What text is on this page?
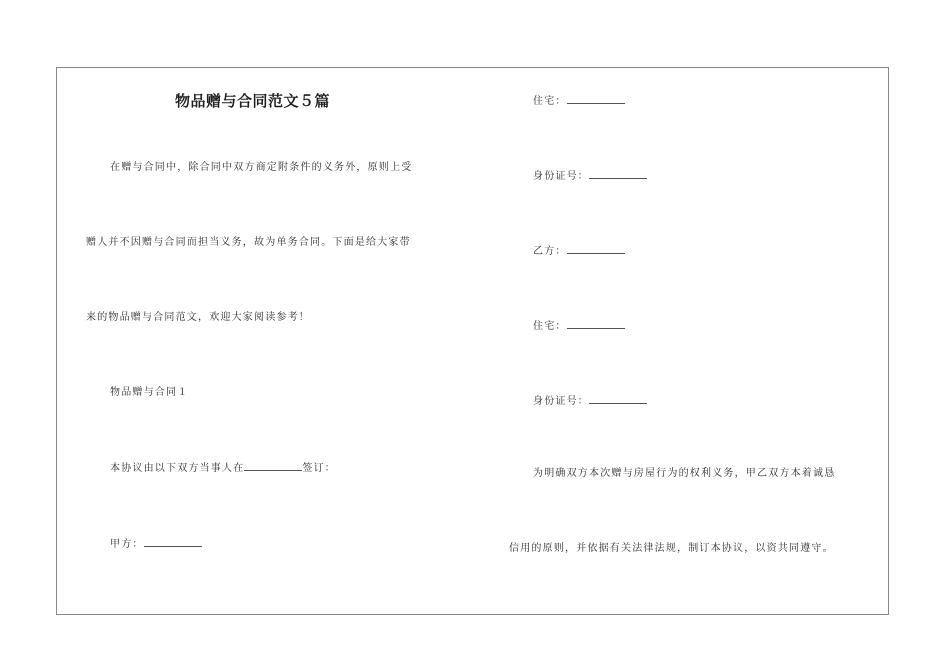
物品赠与合同范文５篇
在赠与合同中，除合同中双方商定附条件的义务外，原则上受
赠人并不因赠与合同而担当义务，故为单务合同。下面是给大家带
来的物品赠与合同范文，欢迎大家阅读参考！
物品赠与合同１
本协议由以下双方当事人在	签订：
甲方：
住宅：
身份证号：
乙方：
住宅：
身份证号：
为明确双方本次赠与房屋行为的权利义务，甲乙双方本着诚恳
信用的原则，并依据有关法律法规，制订本协议，以资共同遵守。
